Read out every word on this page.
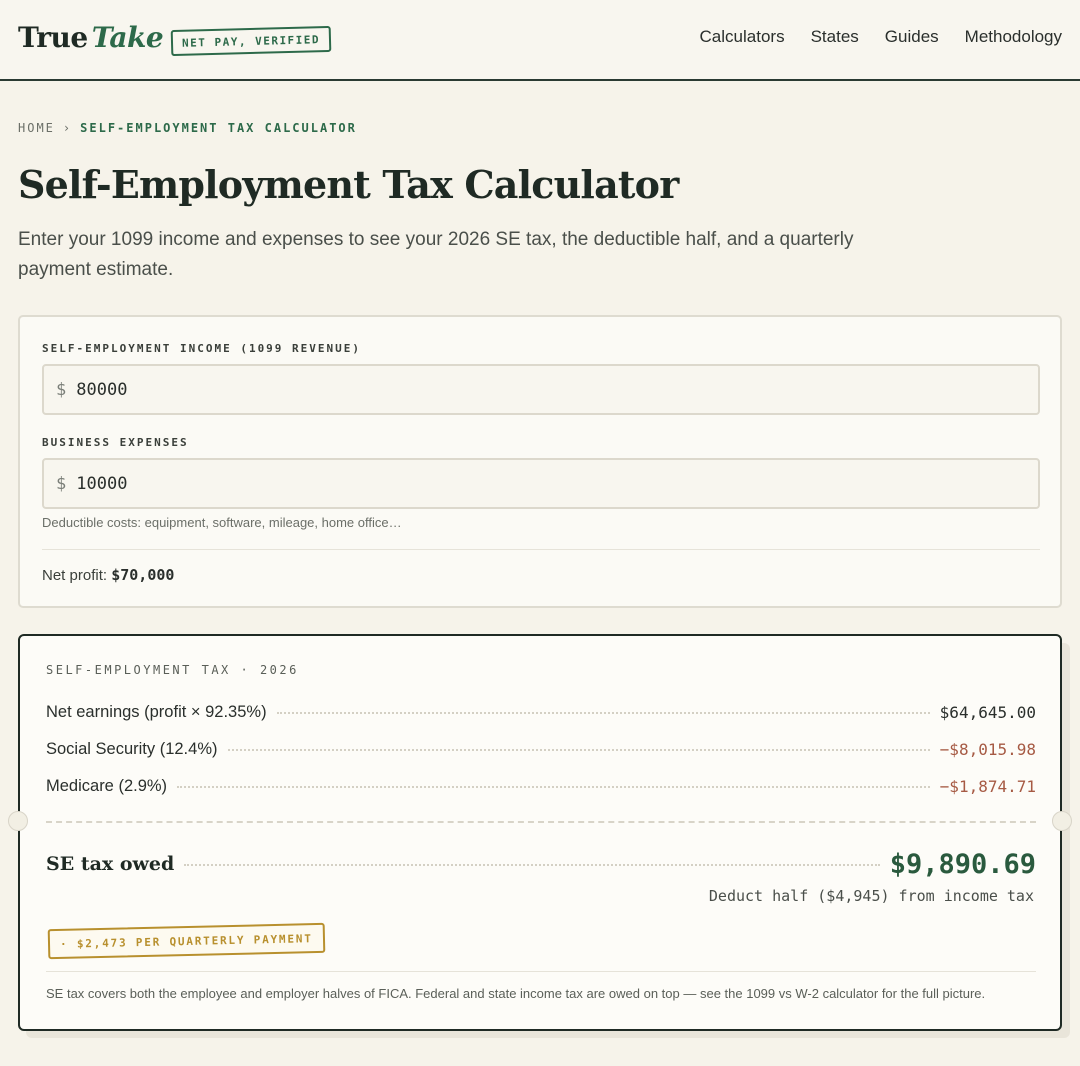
True Take	NET PAY, VERIFIED	Calculators States Guides Methodology
HOME › SELF-EMPLOYMENT TAX CALCULATOR
Self-Employment Tax Calculator

Enter your 1099 income and expenses to see your 2026 SE tax, the deductible half, and a quarterly payment estimate.

SELF-EMPLOYMENT INCOME (1099 REVENUE)
$
80000
BUSINESS EXPENSES
$
10000
Deductible costs: equipment, software, mileage, home office…
Net profit: $70,000
SELF-EMPLOYMENT TAX · 2026
Net earnings (profit × 92.35%)	$64,645.00
Social Security (12.4%)	−$8,015.98
Medicare (2.9%)	−$1,874.71
SE tax owed	$9,890.69
Deduct half ($4,945) from income tax
· $2,473 PER QUARTERLY PAYMENT
SE tax covers both the employee and employer halves of FICA. Federal and state income tax are owed on top — see the 1099 vs W-2 calculator for the full picture.
